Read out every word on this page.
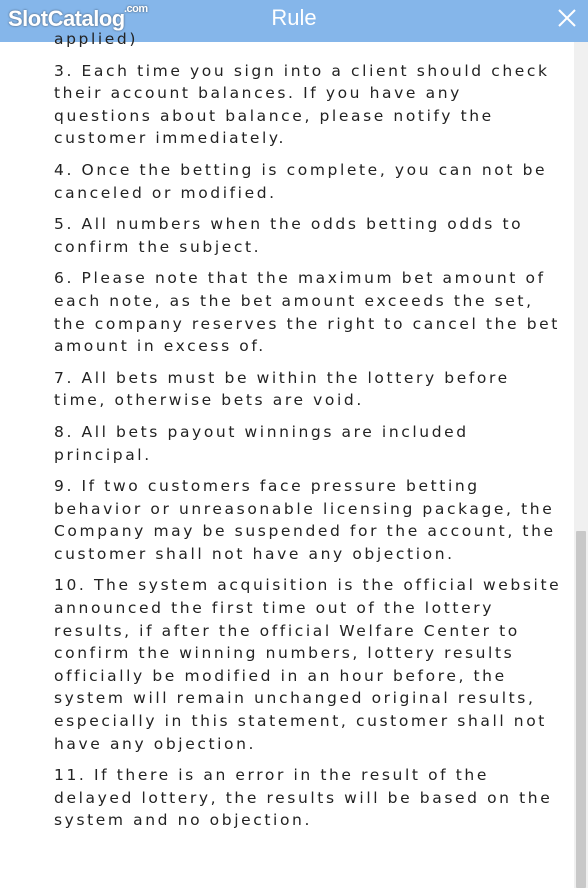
SlotCatalog .com	Rule
applied)
3. Each time you sign into a client should check their account balances. If you have any questions about balance, please notify the customer immediately.
4. Once the betting is complete, you can not be canceled or modified.
5. All numbers when the odds betting odds to confirm the subject.
6. Please note that the maximum bet amount of each note, as the bet amount exceeds the set, the company reserves the right to cancel the bet amount in excess of.
7. All bets must be within the lottery before time, otherwise bets are void.
8. All bets payout winnings are included principal.
9. If two customers face pressure betting behavior or unreasonable licensing package, the Company may be suspended for the account, the customer shall not have any objection.
10. The system acquisition is the official website announced the first time out of the lottery results, if after the official Welfare Center to confirm the winning numbers, lottery results officially be modified in an hour before, the system will remain unchanged original results, especially in this statement, customer shall not have any objection.
11. If there is an error in the result of the delayed lottery, the results will be based on the system and no objection.
